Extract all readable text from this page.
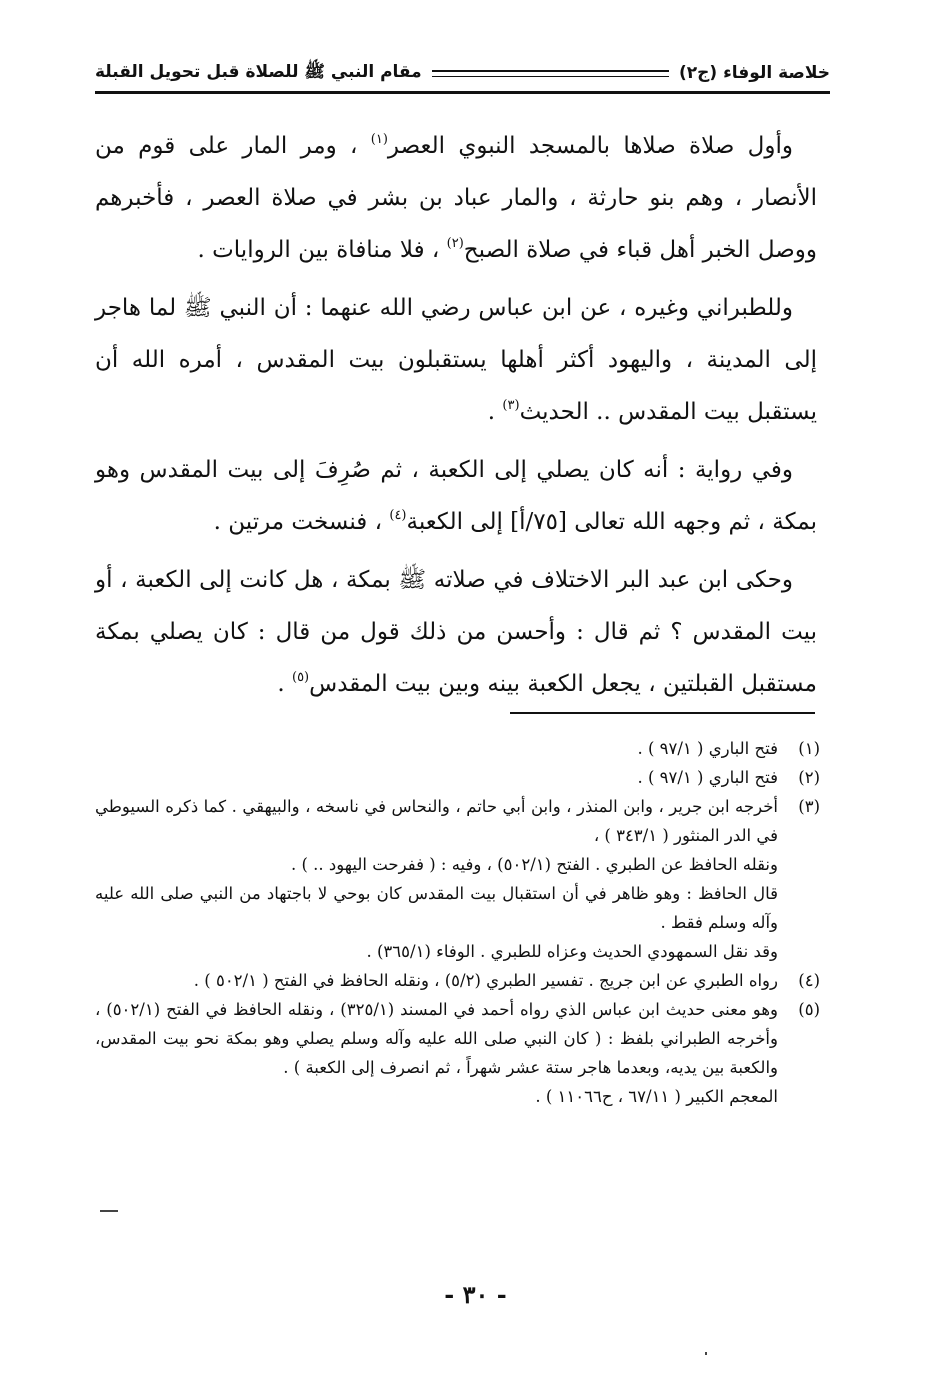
خلاصة الوفاء (ج٢)
مقام النبي ﷺ للصلاة قبل تحويل القبلة

وأول صلاة صلاها بالمسجد النبوي العصر$^{(١)}$ ، ومر المار على قوم من الأنصار ، وهم بنو حارثة ، والمار عباد بن بشر في صلاة العصر ، فأخبرهم ووصل الخبر أهل قباء في صلاة الصبح$^{(٢)}$ ، فلا منافاة بين الروايات .

وللطبراني وغيره ، عن ابن عباس رضي الله عنهما : أن النبي ﷺ لما هاجر إلى المدينة ، واليهود أكثر أهلها يستقبلون بيت المقدس ، أمره الله أن يستقبل بيت المقدس .. الحديث$^{(٣)}$ .

وفي رواية : أنه كان يصلي إلى الكعبة ، ثم صُرِفَ إلى بيت المقدس وهو بمكة ، ثم وجهه الله تعالى [٧٥/أ] إلى الكعبة$^{(٤)}$ ، فنسخت مرتين .

وحكى ابن عبد البر الاختلاف في صلاته ﷺ بمكة ، هل كانت إلى الكعبة ، أو بيت المقدس ؟ ثم قال : وأحسن من ذلك قول من قال : كان يصلي بمكة مستقبل القبلتين ، يجعل الكعبة بينه وبين بيت المقدس$^{(٥)}$ .

(١)
فتح الباري ( ٩٧/١ ) .
(٢)
فتح الباري ( ٩٧/١ ) .
(٣)
أخرجه ابن جرير ، وابن المنذر ، وابن أبي حاتم ، والنحاس في ناسخه ، والبيهقي . كما ذكره السيوطي في الدر المنثور ( ٣٤٣/١ ) ،
ونقله الحافظ عن الطبري . الفتح (٥٠٢/١) ، وفيه : ( ففرحت اليهود .. ) .
قال الحافظ : وهو ظاهر في أن استقبال بيت المقدس كان بوحي لا باجتهاد من النبي صلى الله عليه وآله وسلم فقط .
وقد نقل السمهودي الحديث وعزاه للطبري . الوفاء (٣٦٥/١) .
(٤)
رواه الطبري عن ابن جريج . تفسير الطبري (٥/٢) ، ونقله الحافظ في الفتح ( ٥٠٢/١ ) .
(٥)
وهو معنى حديث ابن عباس الذي رواه أحمد في المسند (٣٢٥/١) ، ونقله الحافظ في الفتح (٥٠٢/١) ، وأخرجه الطبراني بلفظ : ( كان النبي صلى الله عليه وآله وسلم يصلي وهو بمكة نحو بيت المقدس، والكعبة بين يديه، وبعدما هاجر ستة عشر شهراً ، ثم انصرف إلى الكعبة ) .
المعجم الكبير ( ٦٧/١١ ، ح١١٠٦٦ ) .
- ٣٠ -
